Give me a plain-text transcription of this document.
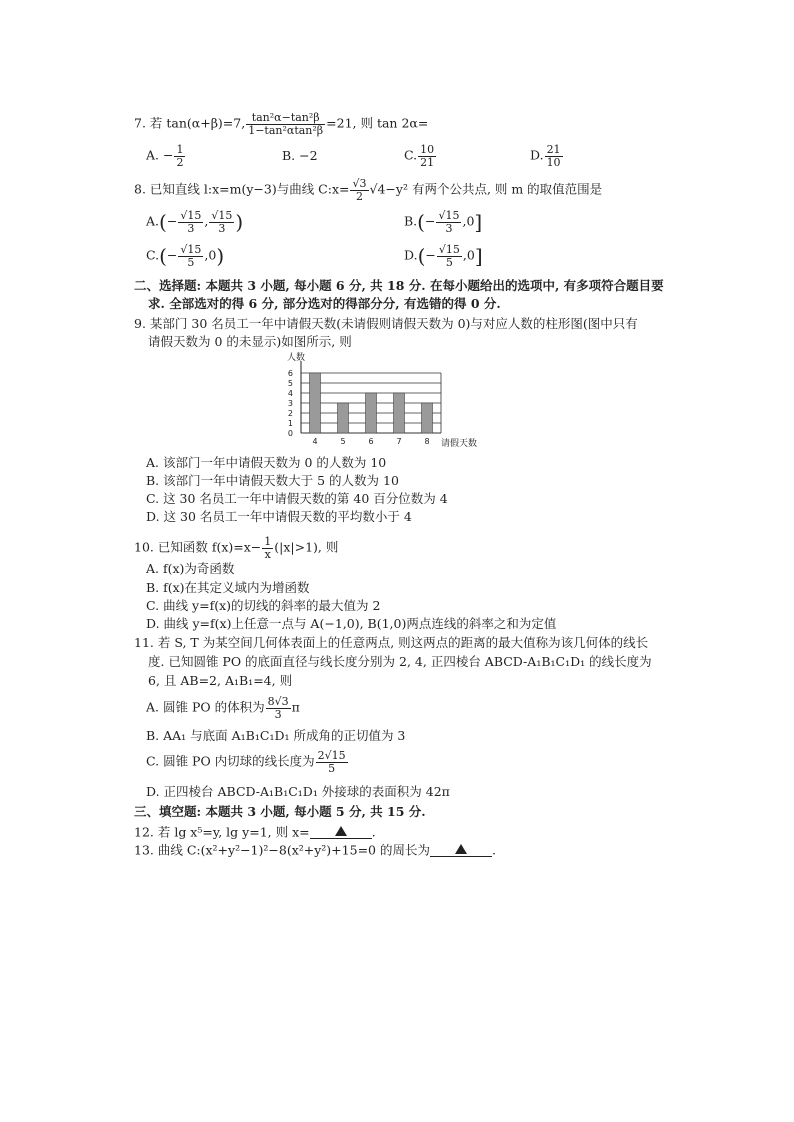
7. 若 tan(α+β)=7, $\frac{\text{tan²α−tan²β}}{\text{1−tan²αtan²β}} =21$, 则 tan 2α=
A. − $\frac{1}{2}$	B. −2	C. $\frac{10}{21}$	D. $\frac{21}{10}$
8. 已知直线 l:x=m(y−3)与曲线 C:x= $\frac{√3}{2} √4-y^2$ 有两个公共点, 则 m 的取值范围是
$A.(- \frac{√15}{3}$ , $\frac{√15}{3}$ )	$B.(- \frac{√15}{3} ,0]$
$C.(- \frac{√15}{5} ,0)$	$D.(- \frac{√15}{5} ,0]$
二、选择题: 本题共 3 小题, 每小题 6 分, 共 18 分. 在每小题给出的选项中, 有多项符合题目要
求. 全部选对的得 6 分, 部分选对的得部分分, 有选错的得 0 分.
9. 某部门 30 名员工一年中请假天数(未请假则请假天数为 0)与对应人数的柱形图(图中只有
请假天数为 0 的未显示)如图所示, 则
人数
请假天数
0
1
2
3
4
5
6
4	5	6	7	8
A. 该部门一年中请假天数为 0 的人数为 10
B. 该部门一年中请假天数大于 5 的人数为 10
C. 这 30 名员工一年中请假天数的第 40 百分位数为 4
D. 这 30 名员工一年中请假天数的平均数小于 4
10. 已知函数 $f(x)=x- \frac{1}{x} (|x|>1)$, 则
A. f(x)为奇函数
B. f(x)在其定义域内为增函数
C. 曲线 y=f(x)的切线的斜率的最大值为 2
D. 曲线 y=f(x)上任意一点与 A(−1,0), B(1,0)两点连线的斜率之和为定值
11. 若 S, T 为某空间几何体表面上的任意两点, 则这两点的距离的最大值称为该几何体的线长
度. 已知圆锥 PO 的底面直径与线长度分别为 2, 4, 正四棱台 ABCD-A₁B₁C₁D₁ 的线长度为
6, 且 AB=2, A₁B₁=4, 则
A. 圆锥 PO 的体积为 $\frac{8√3}{3}$ π
B. AA₁ 与底面 A₁B₁C₁D₁ 所成角的正切值为 3
C. 圆锥 PO 内切球的线长度为 $\frac{2√15}{5}$
D. 正四棱台 ABCD-A₁B₁C₁D₁ 外接球的表面积为 42π
三、填空题: 本题共 3 小题, 每小题 5 分, 共 15 分.
12. 若 lg x⁵=y, lg y=1, 则 x=	.
13. 曲线 C:(x²+y²−1)²−8(x²+y²)+15=0 的周长为	.
